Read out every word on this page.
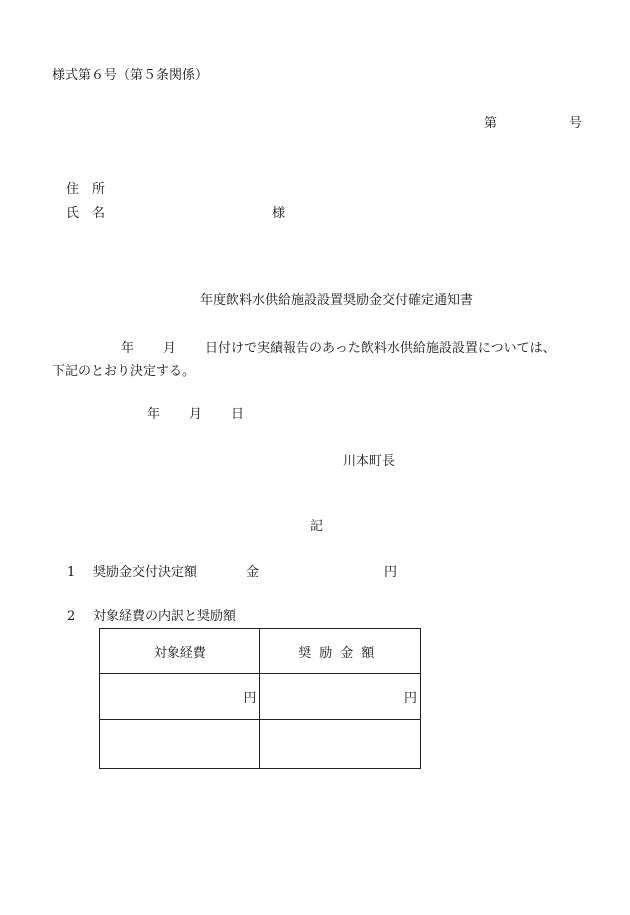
様式第６号（第５条関係）
第	号
住所
氏名	様
年度飲料水供給施設設置奨励金交付確定通知書
年 月 日付けで実績報告のあった飲料水供給施設設置については、
下記のとおり決定する。
年 月 日
川本町長
記
1 奨励金交付決定額	金	円
2 対象経費の内訳と奨励額
対象経費	奨励金額
円	円
